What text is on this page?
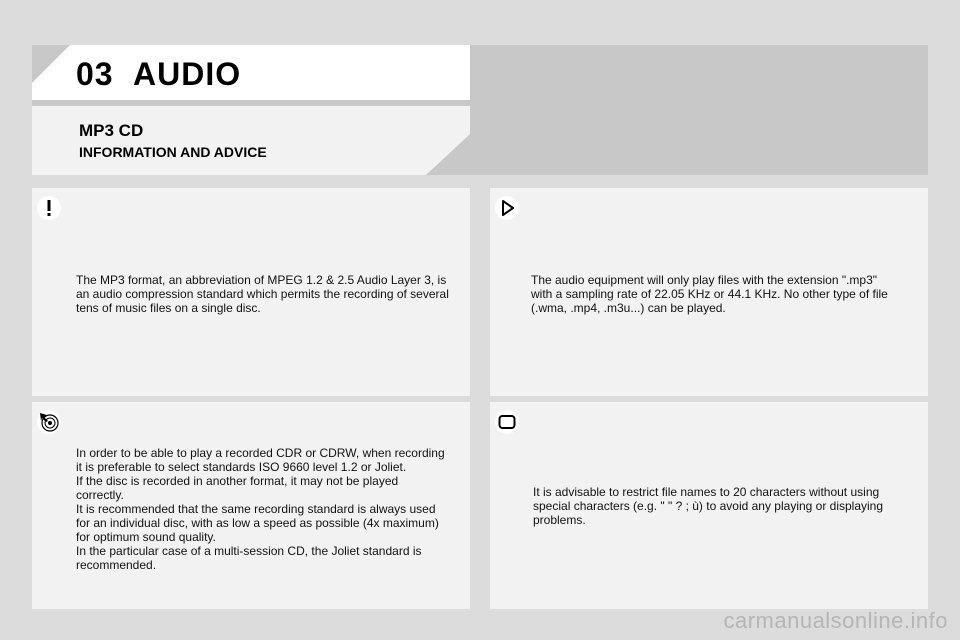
03 AUDIO
MP3 CD
INFORMATION AND ADVICE
The MP3 format, an abbreviation of MPEG 1.2 & 2.5 Audio Layer 3, is
an audio compression standard which permits the recording of several
tens of music files on a single disc.
The audio equipment will only play files with the extension ".mp3"
with a sampling rate of 22.05 KHz or 44.1 KHz. No other type of file
(.wma, .mp4, .m3u...) can be played.
In order to be able to play a recorded CDR or CDRW, when recording
it is preferable to select standards ISO 9660 level 1.2 or Joliet.
If the disc is recorded in another format, it may not be played
correctly.
It is recommended that the same recording standard is always used
for an individual disc, with as low a speed as possible (4x maximum)
for optimum sound quality.
In the particular case of a multi-session CD, the Joliet standard is
recommended.
It is advisable to restrict file names to 20 characters without using
special characters (e.g. " " ? ; ù) to avoid any playing or displaying
problems.
carmanualsonline.info
